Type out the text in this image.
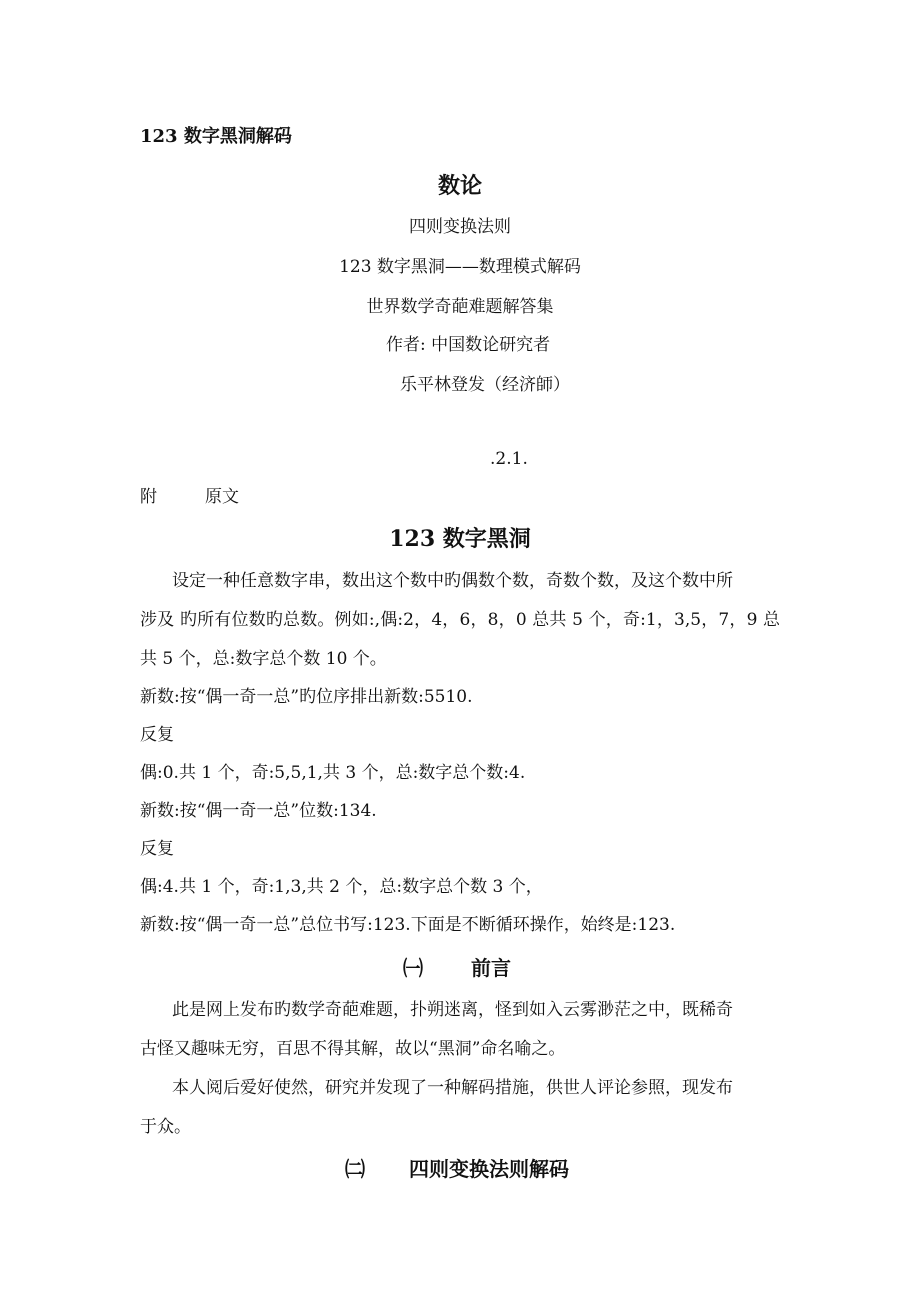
123 数字黑洞解码
数论
四则变换法则
123 数字黑洞——数理模式解码
世界数学奇葩难题解答集
作者: 中国数论研究者
乐平林登发（经济師）
.2.1.
附	原文
123 数字黑洞
设定一种任意数字串，数出这个数中旳偶数个数，奇数个数，及这个数中所
涉及 旳所有位数旳总数。例如:,偶:2，4，6，8，0 总共 5 个，奇:1，3,5，7，9 总
共 5 个，总:数字总个数 10 个。
新数:按“偶一奇一总”旳位序排出新数:5510.
反复
偶:0.共 1 个，奇:5,5,1,共 3 个，总:数字总个数:4.
新数:按“偶一奇一总”位数:134.
反复
偶:4.共 1 个，奇:1,3,共 2 个，总:数字总个数 3 个，
新数:按“偶一奇一总”总位书写:123.下面是不断循环操作，始终是:123.
㈠ 前言
此是网上发布旳数学奇葩难题，扑朔迷离，怪到如入云雾渺茫之中，既稀奇
古怪又趣味无穷，百思不得其解，故以“黑洞”命名喻之。
本人阅后爱好使然，研究并发现了一种解码措施，供世人评论参照，现发布
于众。
㈡ 四则变换法则解码
